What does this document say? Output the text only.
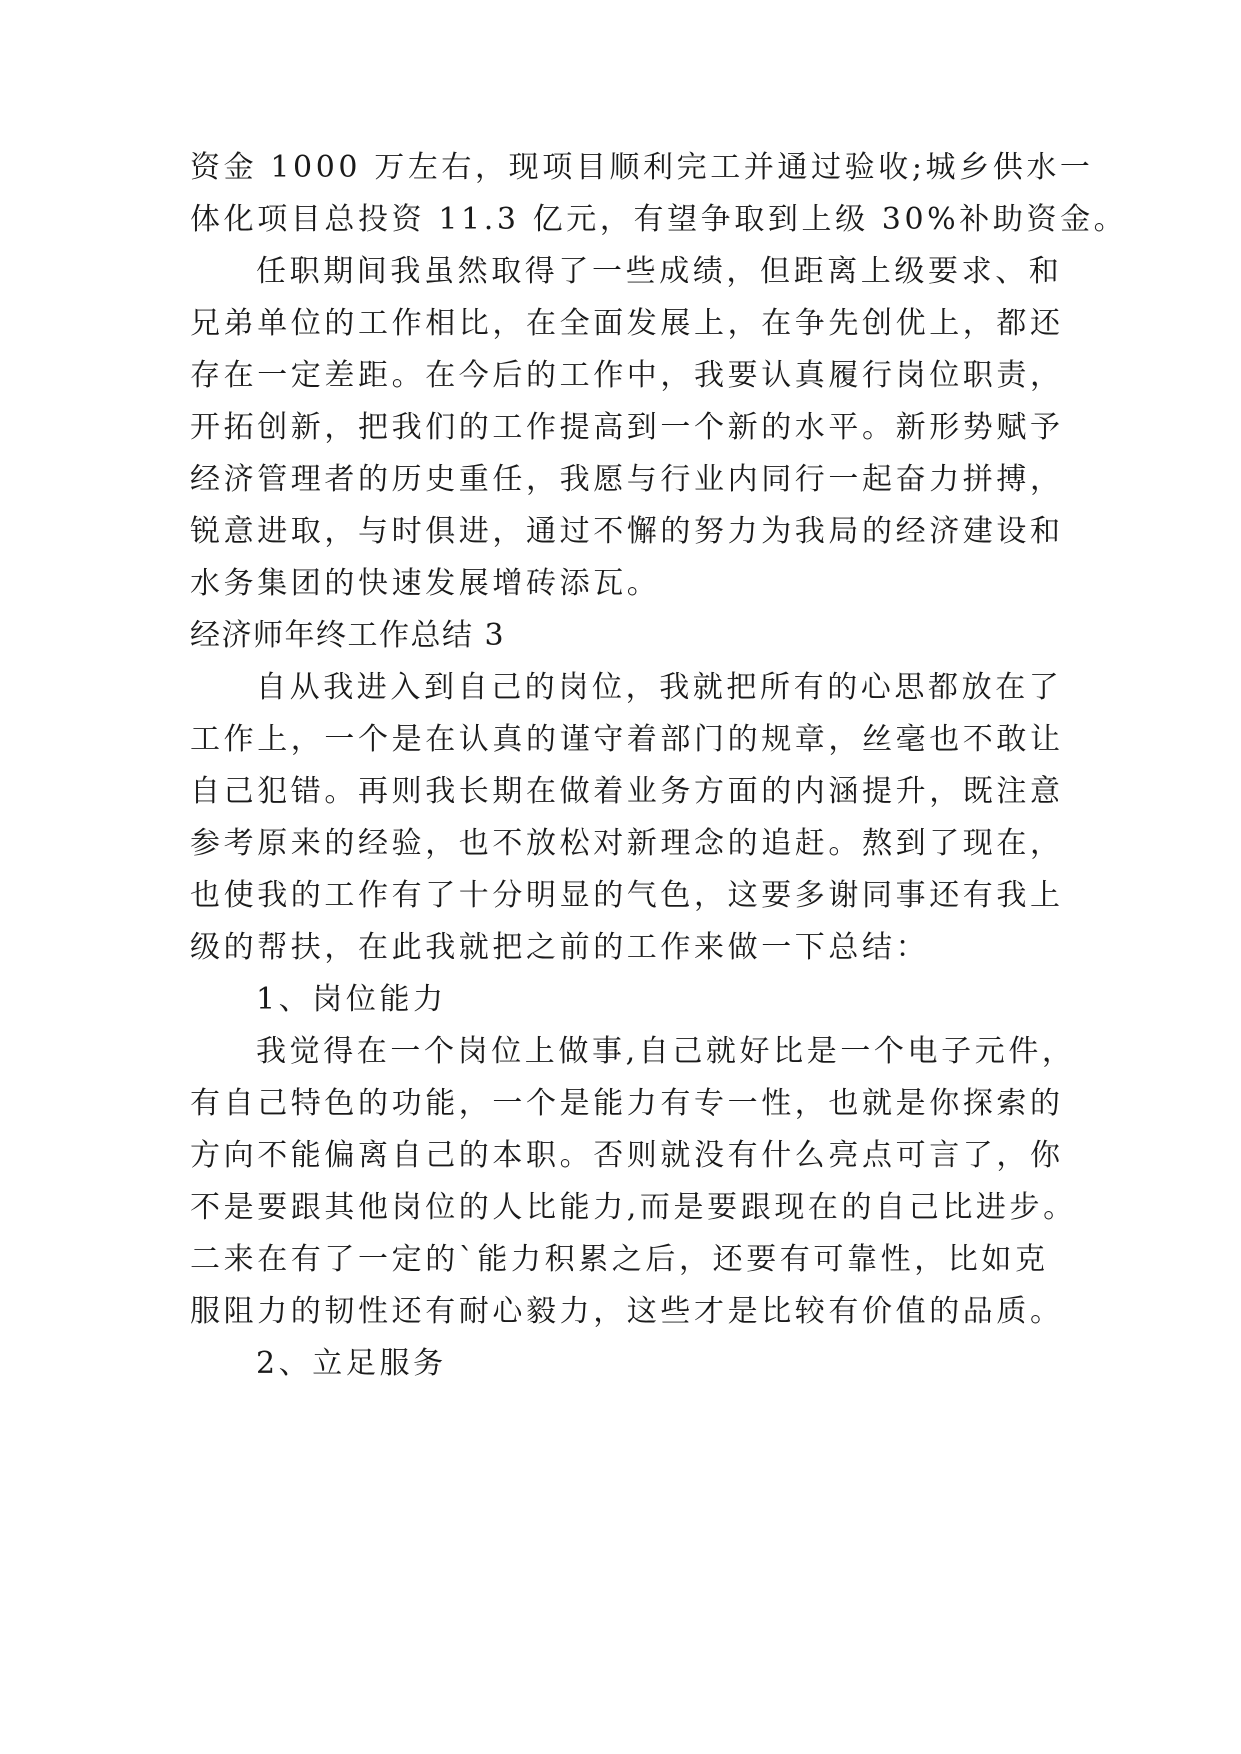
资金 1000 万左右，现项目顺利完工并通过验收;城乡供水一
体化项目总投资 11.3 亿元，有望争取到上级 30%补助资金。
任职期间我虽然取得了一些成绩，但距离上级要求、和
兄弟单位的工作相比，在全面发展上，在争先创优上，都还
存在一定差距。在今后的工作中，我要认真履行岗位职责，
开拓创新，把我们的工作提高到一个新的水平。新形势赋予
经济管理者的历史重任，我愿与行业内同行一起奋力拼搏，
锐意进取，与时俱进，通过不懈的努力为我局的经济建设和
水务集团的快速发展增砖添瓦。
经济师年终工作总结 3
自从我进入到自己的岗位，我就把所有的心思都放在了
工作上，一个是在认真的谨守着部门的规章，丝毫也不敢让
自己犯错。再则我长期在做着业务方面的内涵提升，既注意
参考原来的经验，也不放松对新理念的追赶。熬到了现在，
也使我的工作有了十分明显的气色，这要多谢同事还有我上
级的帮扶，在此我就把之前的工作来做一下总结：
1、岗位能力
我觉得在一个岗位上做事,自己就好比是一个电子元件，
有自己特色的功能，一个是能力有专一性，也就是你探索的
方向不能偏离自己的本职。否则就没有什么亮点可言了，你
不是要跟其他岗位的人比能力,而是要跟现在的自己比进步。
二来在有了一定的`能力积累之后，还要有可靠性，比如克
服阻力的韧性还有耐心毅力，这些才是比较有价值的品质。
2、立足服务
